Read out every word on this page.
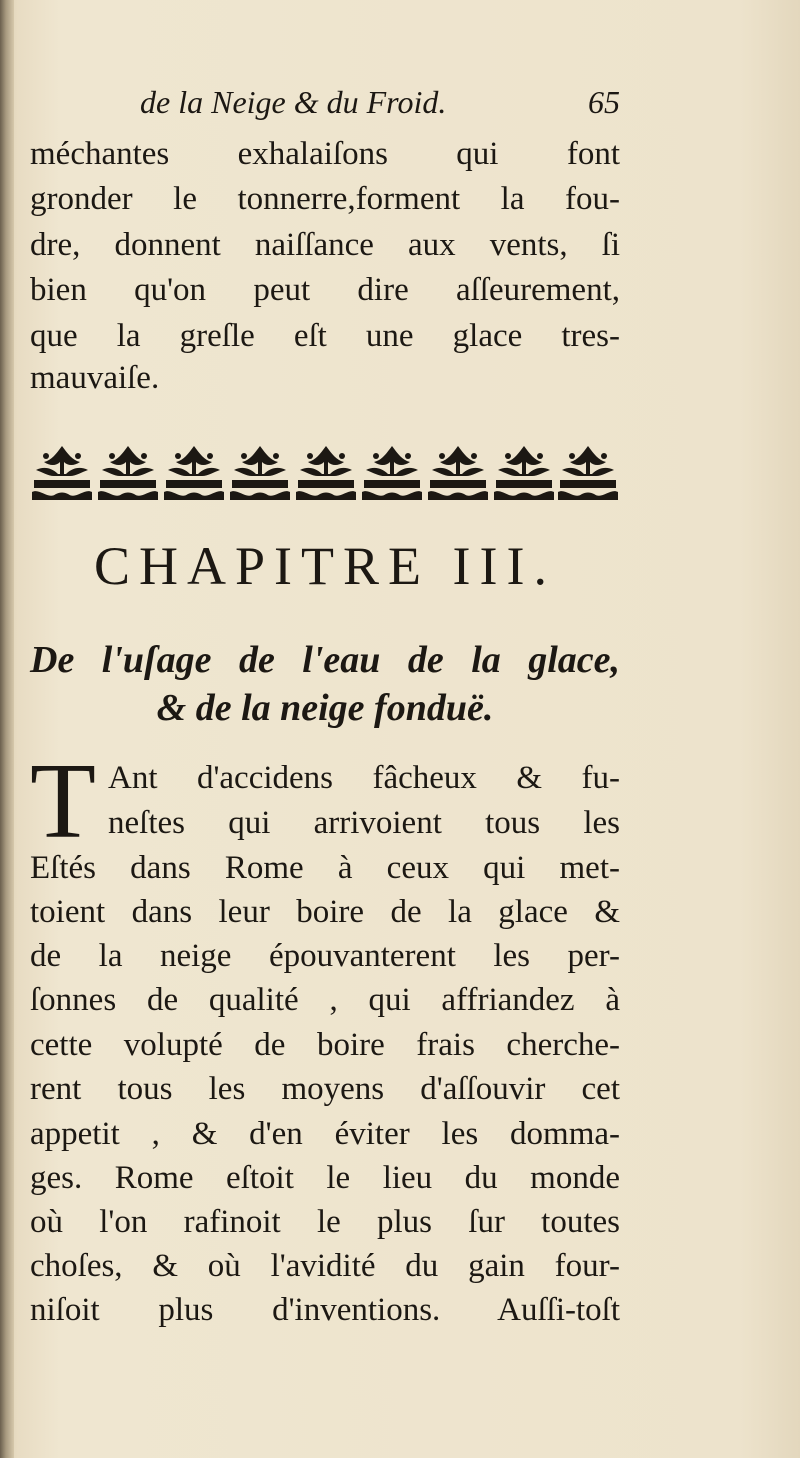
de la Neige & du Froid.	65
méchantes exhalaiſons qui font
gronder le tonnerre,forment la fou-
dre, donnent naiſſance aux vents, ſi
bien qu'on peut dire aſſeurement,
que la greſle eſt une glace tres-
mauvaiſe.
CHAPITRE III.
De l'uſage de l'eau de la glace,
& de la neige fonduë.
T Ant d'accidens fâcheux & fu-
neſtes qui arrivoient tous les
Eſtés dans Rome à ceux qui met-
toient dans leur boire de la glace &
de la neige épouvanterent les per-
ſonnes de qualité , qui affriandez à
cette volupté de boire frais cherche-
rent tous les moyens d'aſſouvir cet
appetit , & d'en éviter les domma-
ges. Rome eſtoit le lieu du monde
où l'on rafinoit le plus ſur toutes
choſes, & où l'avidité du gain four-
niſoit plus d'inventions. Auſſi-toſt
